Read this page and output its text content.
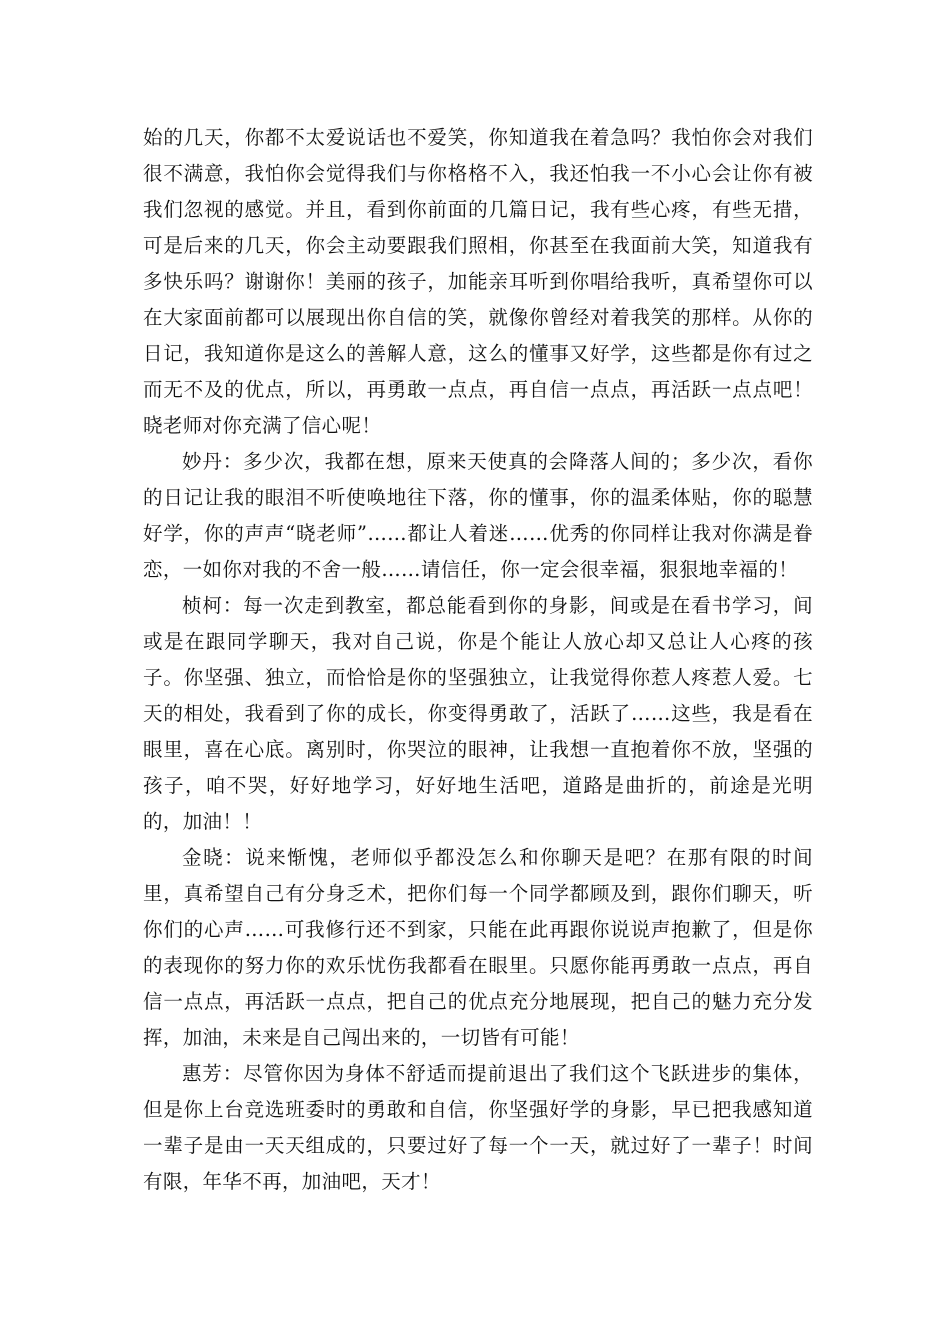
始的几天，你都不太爱说话也不爱笑，你知道我在着急吗？我怕你会对我们很不满意，我怕你会觉得我们与你格格不入，我还怕我一不小心会让你有被我们忽视的感觉。并且，看到你前面的几篇日记，我有些心疼，有些无措，可是后来的几天，你会主动要跟我们照相，你甚至在我面前大笑，知道我有多快乐吗？谢谢你！美丽的孩子，加能亲耳听到你唱给我听，真希望你可以在大家面前都可以展现出你自信的笑，就像你曾经对着我笑的那样。从你的日记，我知道你是这么的善解人意，这么的懂事又好学，这些都是你有过之而无不及的优点，所以，再勇敢一点点，再自信一点点，再活跃一点点吧！晓老师对你充满了信心呢！

妙丹：多少次，我都在想，原来天使真的会降落人间的；多少次，看你的日记让我的眼泪不听使唤地往下落，你的懂事，你的温柔体贴，你的聪慧好学，你的声声“晓老师”……都让人着迷……优秀的你同样让我对你满是眷恋，一如你对我的不舍一般……请信任，你一定会很幸福，狠狠地幸福的！

桢柯：每一次走到教室，都总能看到你的身影，间或是在看书学习，间或是在跟同学聊天，我对自己说，你是个能让人放心却又总让人心疼的孩子。你坚强、独立，而恰恰是你的坚强独立，让我觉得你惹人疼惹人爱。七天的相处，我看到了你的成长，你变得勇敢了，活跃了……这些，我是看在眼里，喜在心底。离别时，你哭泣的眼神，让我想一直抱着你不放，坚强的孩子，咱不哭，好好地学习，好好地生活吧，道路是曲折的，前途是光明的，加油！！

金晓：说来惭愧，老师似乎都没怎么和你聊天是吧？在那有限的时间里，真希望自己有分身乏术，把你们每一个同学都顾及到，跟你们聊天，听你们的心声……可我修行还不到家，只能在此再跟你说说声抱歉了，但是你的表现你的努力你的欢乐忧伤我都看在眼里。只愿你能再勇敢一点点，再自信一点点，再活跃一点点，把自己的优点充分地展现，把自己的魅力充分发挥，加油，未来是自己闯出来的，一切皆有可能！

惠芳：尽管你因为身体不舒适而提前退出了我们这个飞跃进步的集体，但是你上台竞选班委时的勇敢和自信，你坚强好学的身影，早已把我感知道一辈子是由一天天组成的，只要过好了每一个一天，就过好了一辈子！时间有限，年华不再，加油吧，天才！
